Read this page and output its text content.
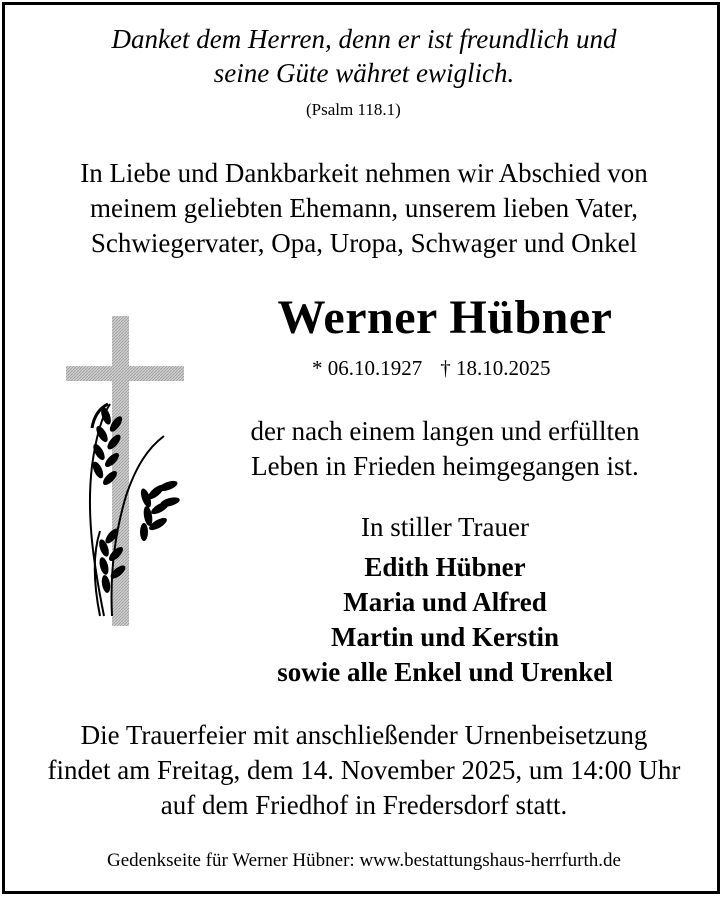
Danket dem Herren, denn er ist freundlich und
seine Güte währet ewiglich.
(Psalm 118.1)
In Liebe und Dankbarkeit nehmen wir Abschied von
meinem geliebten Ehemann, unserem lieben Vater,
Schwiegervater, Opa, Uropa, Schwager und Onkel
Werner Hübner
* 06.10.1927 † 18.10.2025
der nach einem langen und erfüllten
Leben in Frieden heimgegangen ist.
In stiller Trauer
Edith Hübner
Maria und Alfred
Martin und Kerstin
sowie alle Enkel und Urenkel
Die Trauerfeier mit anschließender Urnenbeisetzung
findet am Freitag, dem 14. November 2025, um 14:00 Uhr
auf dem Friedhof in Fredersdorf statt.
Gedenkseite für Werner Hübner: www.bestattungshaus-herrfurth.de
